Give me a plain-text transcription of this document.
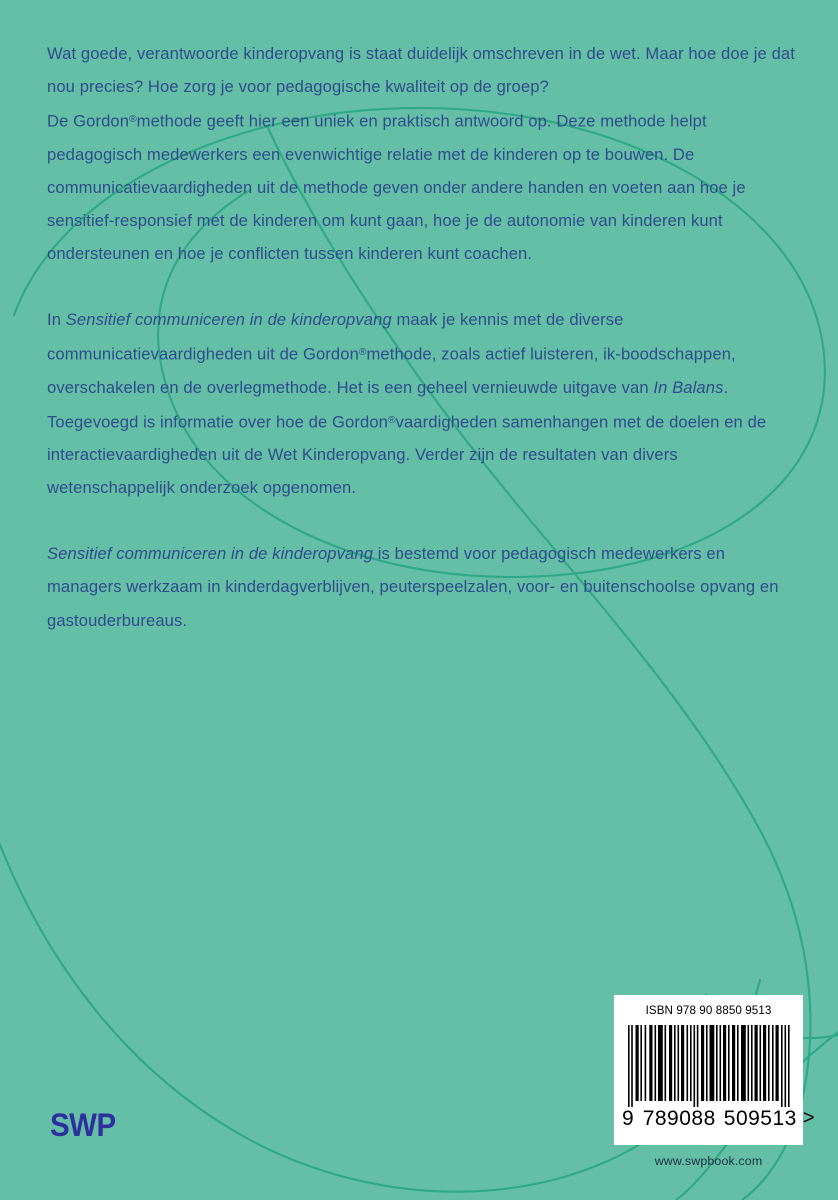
Wat goede, verantwoorde kinderopvang is staat duidelijk omschreven in de wet. Maar hoe doe je dat nou precies? Hoe zorg je voor pedagogische kwaliteit op de groep?
De Gordon®methode geeft hier een uniek en praktisch antwoord op. Deze methode helpt pedagogisch medewerkers een evenwichtige relatie met de kinderen op te bouwen. De communicatievaardigheden uit de methode geven onder andere handen en voeten aan hoe je sensitief-responsief met de kinderen om kunt gaan, hoe je de autonomie van kinderen kunt ondersteunen en hoe je conflicten tussen kinderen kunt coachen.

In Sensitief communiceren in de kinderopvang maak je kennis met de diverse communicatievaardigheden uit de Gordon®methode, zoals actief luisteren, ik-boodschappen, overschakelen en de overlegmethode. Het is een geheel vernieuwde uitgave van In Balans. Toegevoegd is informatie over hoe de Gordon®vaardigheden samenhangen met de doelen en de interactievaardigheden uit de Wet Kinderopvang. Verder zijn de resultaten van divers wetenschappelijk onderzoek opgenomen.

Sensitief communiceren in de kinderopvang is bestemd voor pedagogisch medewerkers en managers werkzaam in kinderdagverblijven, peuterspeelzalen, voor- en buitenschoolse opvang en gastouderbureaus.

SWP
ISBN 978 90 8850 9513
9 789088 509513 >
www.swpbook.com
